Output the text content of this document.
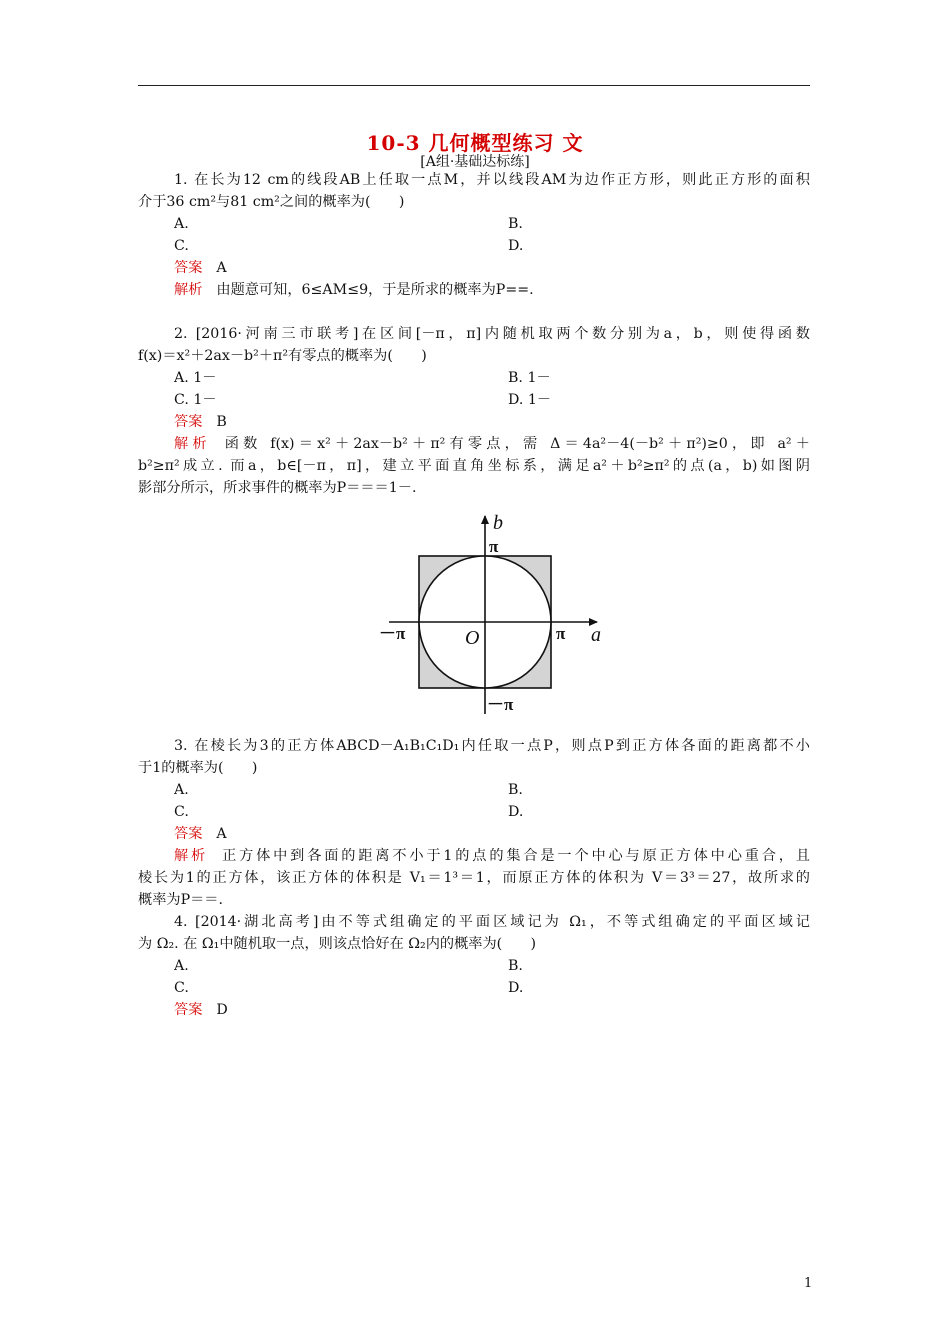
10-3 几何概型练习 文
[A组·基础达标练]
1. 在长为12 cm的线段AB上任取一点M，并以线段AM为边作正方形，则此正方形的面积
介于36 cm²与81 cm²之间的概率为(　　)
A.	B.
C.	D.
答案 A
解析 由题意可知，6≤AM≤9，于是所求的概率为P==.
2. [2016·河南三市联考]在区间[－π，π]内随机取两个数分别为a，b，则使得函数
f(x)＝x²＋2ax－b²＋π²有零点的概率为(　　)
A. 1－	B. 1－
C. 1－	D. 1－
答案 B
解析 函数 f(x)＝x²＋2ax－b²＋π²有零点，需 Δ＝4a²－4(－b²＋π²)≥0，即 a²＋
b²≥π²成立. 而a，b∈[－π，π]，建立平面直角坐标系，满足a²＋b²≥π²的点(a，b)如图阴
影部分所示，所求事件的概率为P＝＝＝1－.
b
a
O
π
－π
－π	π
3. 在棱长为3的正方体ABCD－A₁B₁C₁D₁内任取一点P，则点P到正方体各面的距离都不小
于1的概率为(　　)
A.	B.
C.	D.
答案 A
解析 正方体中到各面的距离不小于1的点的集合是一个中心与原正方体中心重合，且
棱长为1的正方体，该正方体的体积是 V₁＝1³＝1，而原正方体的体积为 V＝3³＝27，故所求的
概率为P＝＝.
4. [2014·湖北高考]由不等式组确定的平面区域记为 Ω₁，不等式组确定的平面区域记
为 Ω₂. 在 Ω₁中随机取一点，则该点恰好在 Ω₂内的概率为(　　)
A.	B.
C.	D.
答案 D
1
